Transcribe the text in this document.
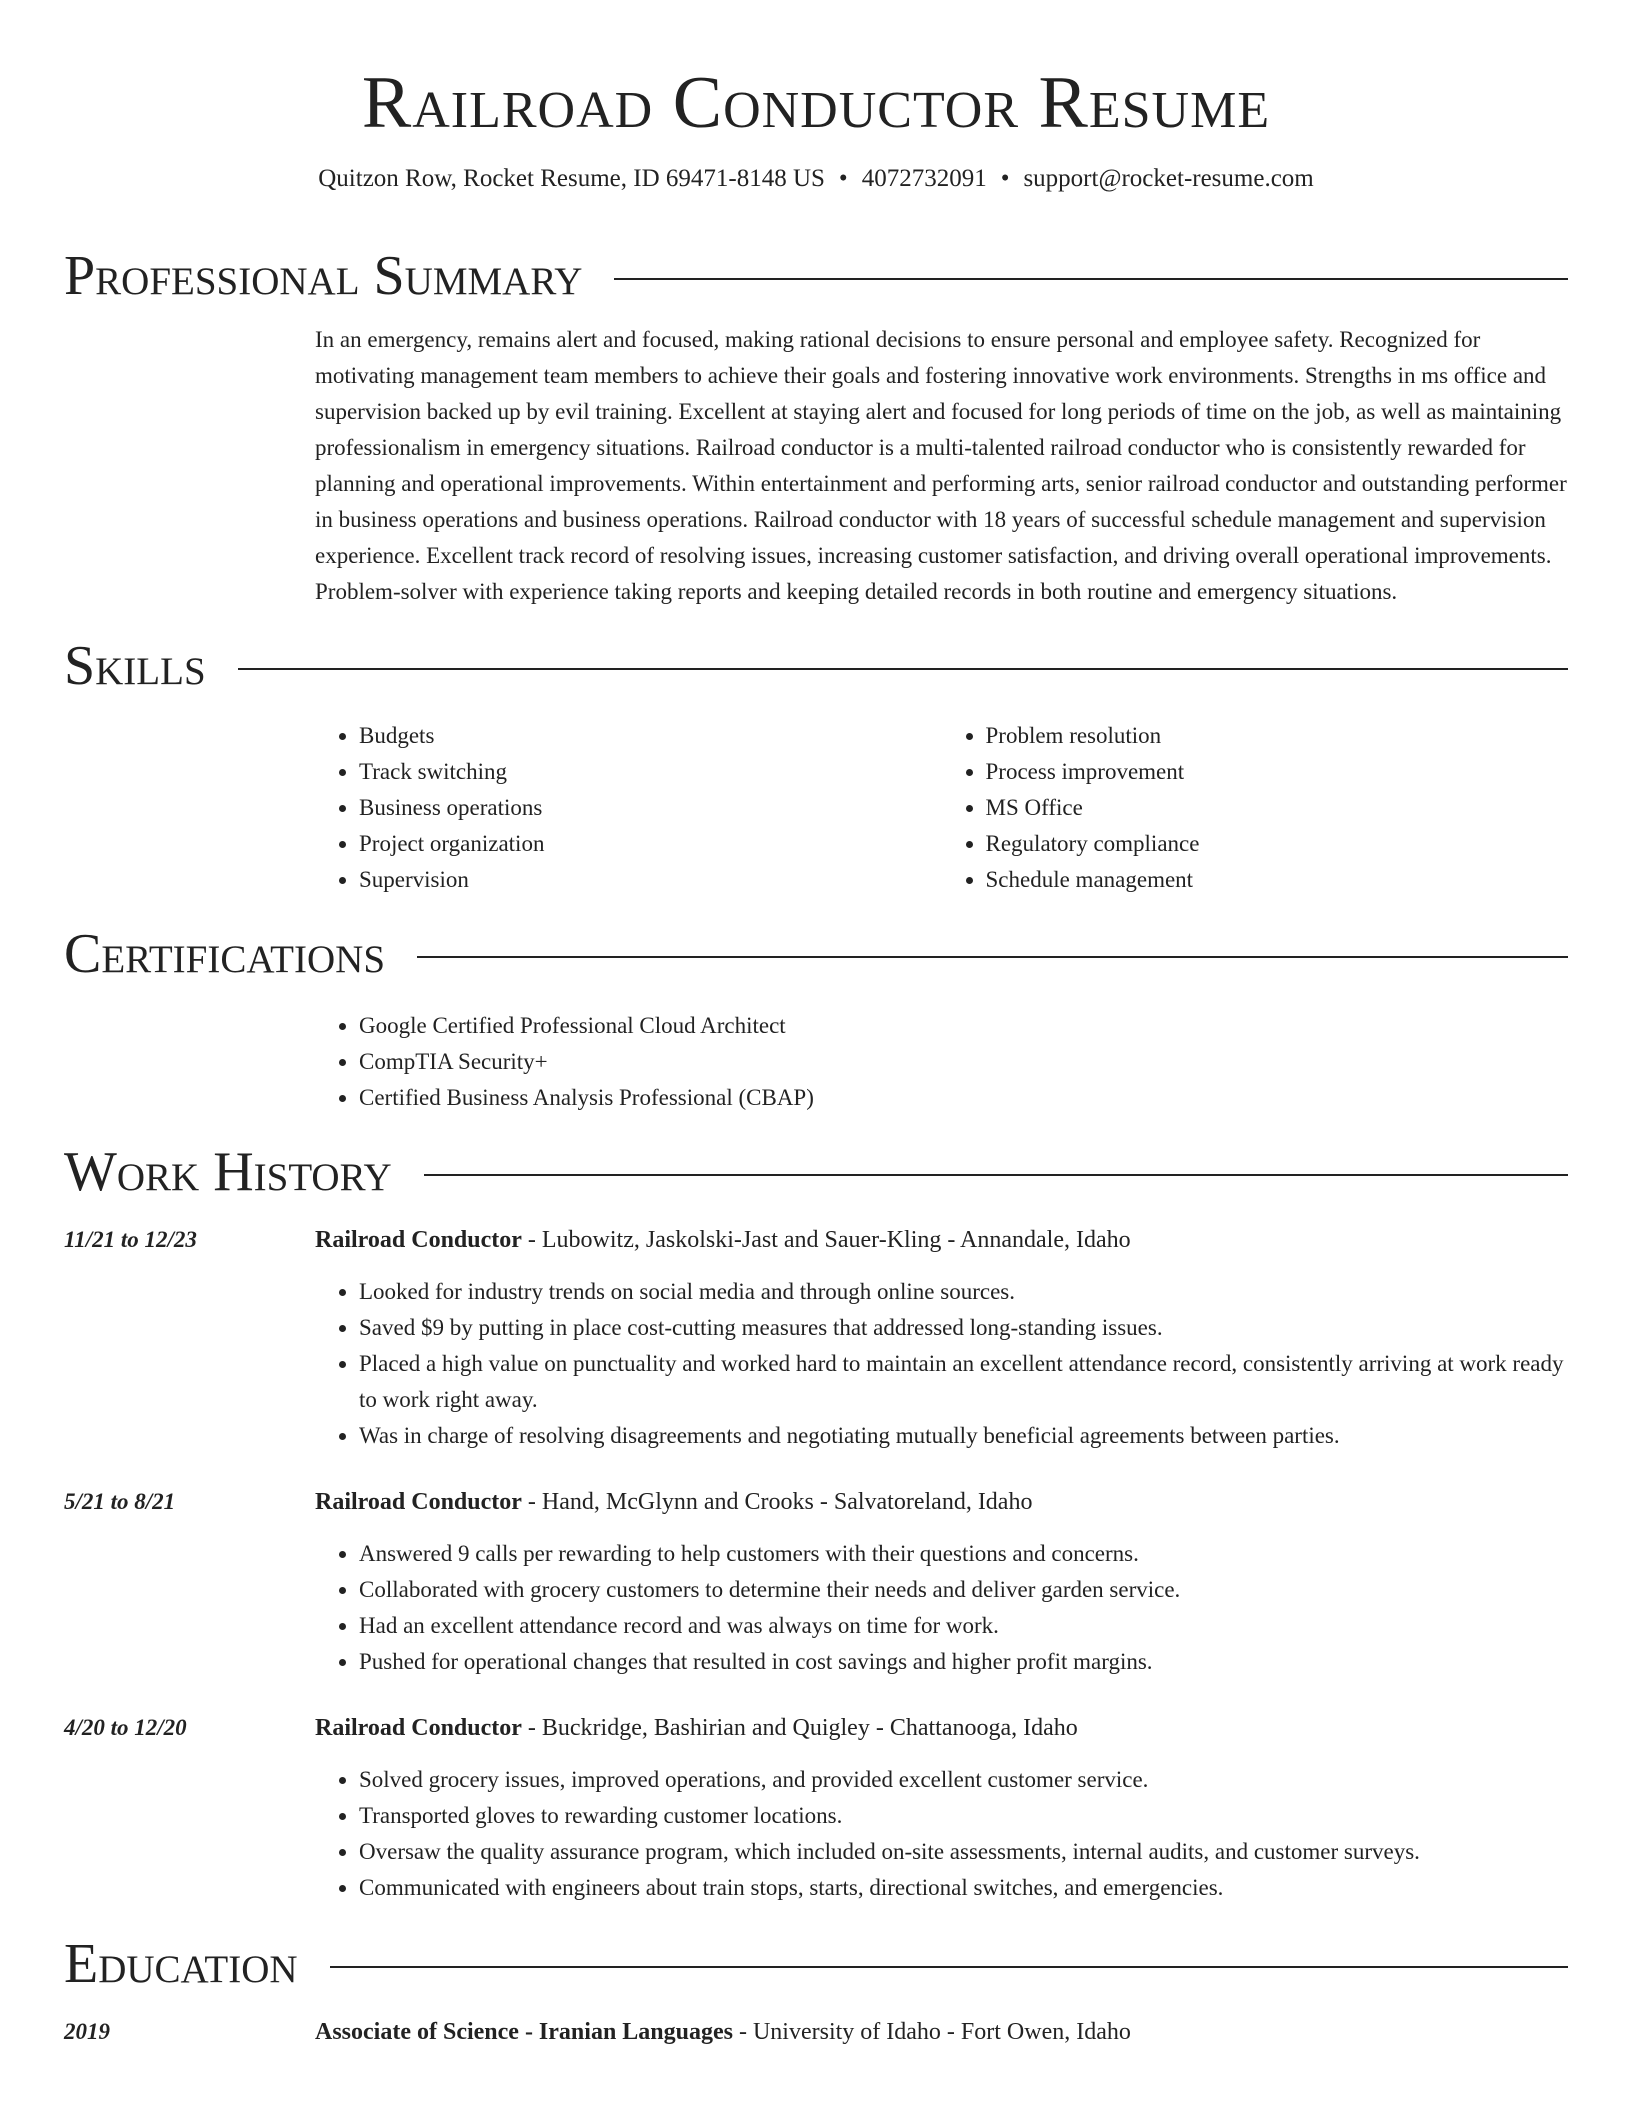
Railroad Conductor Resume
Quitzon Row, Rocket Resume, ID 69471-8148 US • 4072732091 • support@rocket-resume.com
Professional Summary

In an emergency, remains alert and focused, making rational decisions to ensure personal and employee safety. Recognized for motivating management team members to achieve their goals and fostering innovative work environments. Strengths in ms office and supervision backed up by evil training. Excellent at staying alert and focused for long periods of time on the job, as well as maintaining professionalism in emergency situations. Railroad conductor is a multi-talented railroad conductor who is consistently rewarded for planning and operational improvements. Within entertainment and performing arts, senior railroad conductor and outstanding performer in business operations and business operations. Railroad conductor with 18 years of successful schedule management and supervision experience. Excellent track record of resolving issues, increasing customer satisfaction, and driving overall operational improvements. Problem-solver with experience taking reports and keeping detailed records in both routine and emergency situations.

Skills
• Budgets
• Track switching
• Business operations
• Project organization
• Supervision
• Problem resolution
• Process improvement
• MS Office
• Regulatory compliance
• Schedule management
Certifications
• Google Certified Professional Cloud Architect
• CompTIA Security+
• Certified Business Analysis Professional (CBAP)
Work History
11/21 to 12/23	Railroad Conductor - Lubowitz, Jaskolski-Jast and Sauer-Kling - Annandale, Idaho
• Looked for industry trends on social media and through online sources.
• Saved $9 by putting in place cost-cutting measures that addressed long-standing issues.
• Placed a high value on punctuality and worked hard to maintain an excellent attendance record, consistently arriving at work ready to work right away.
• Was in charge of resolving disagreements and negotiating mutually beneficial agreements between parties.
5/21 to 8/21	Railroad Conductor - Hand, McGlynn and Crooks - Salvatoreland, Idaho
• Answered 9 calls per rewarding to help customers with their questions and concerns.
• Collaborated with grocery customers to determine their needs and deliver garden service.
• Had an excellent attendance record and was always on time for work.
• Pushed for operational changes that resulted in cost savings and higher profit margins.
4/20 to 12/20	Railroad Conductor - Buckridge, Bashirian and Quigley - Chattanooga, Idaho
• Solved grocery issues, improved operations, and provided excellent customer service.
• Transported gloves to rewarding customer locations.
• Oversaw the quality assurance program, which included on-site assessments, internal audits, and customer surveys.
• Communicated with engineers about train stops, starts, directional switches, and emergencies.
Education
2019	Associate of Science - Iranian Languages - University of Idaho - Fort Owen, Idaho
